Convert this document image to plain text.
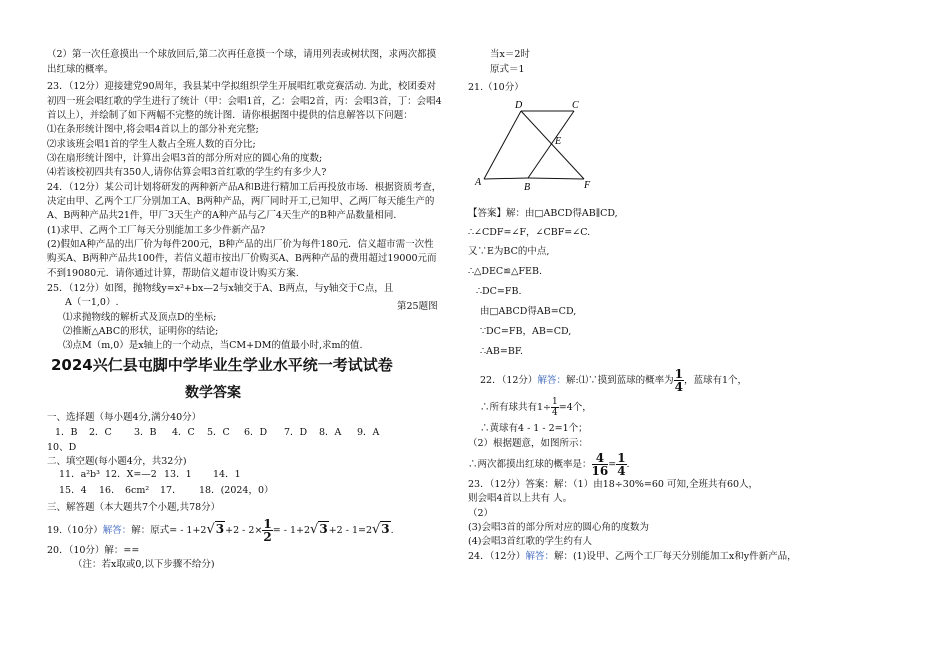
（2）第一次任意摸出一个球放回后,第二次再任意摸一个球，请用列表或树状图，求两次都摸
出红球的概率。
23．（12分）迎接建党90周年，我县某中学拟组织学生开展唱红歌竞赛活动. 为此，校团委对
初四一班会唱红歌的学生进行了统计（甲：会唱1首，乙：会唱2首，丙：会唱3首，丁：会唱4
首以上），并绘制了如下两幅不完整的统计图．请你根据图中提供的信息解答以下问题：
⑴在条形统计图中,将会唱4首以上的部分补充完整;
⑵求该班会唱1首的学生人数占全班人数的百分比;
⑶在扇形统计图中，计算出会唱3首的部分所对应的圆心角的度数;
⑷若该校初四共有350人,请你估算会唱3首红歌的学生约有多少人?
24．（12分）某公司计划将研发的两种新产品A和B进行精加工后再投放市场．根据资质考查，
决定由甲、乙两个工厂分别加工A、B两种产品，两厂同时开工,已知甲、乙两厂每天能生产的
A、B两种产品共21件，甲厂3天生产的A种产品与乙厂4天生产的B种产品数量相同．
(1)求甲、乙两个工厂每天分别能加工多少件新产品?
(2)假如A种产品的出厂价为每件200元，B种产品的出厂价为每件180元．信义超市需一次性
购买A、B两种产品共100件，若信义超市按出厂价购买A、B两种产品的费用超过19000元而
不到19080元．请你通过计算，帮助信义超市设计购买方案.
25．（12分）如图，抛物线y=x²+bx—2与x轴交于A、B两点，与y轴交于C点，且
A（一1,0）.	第25题图
⑴求抛物线的解析式及顶点D的坐标;
⑵推断△ABC的形状，证明你的结论;
⑶点M（m,0）是x轴上的一个动点，当CM+DM的值最小时,求m的值.
2024兴仁县屯脚中学毕业生学业水平统一考试试卷
数学答案
一、选择题（每小题4分,满分40分）
1．B 2．C 3．B 4．C 5．C 6．D 7．D 8．A 9．A
10、D
二、填空题(每小题4分，共32分)
11．a²b³ 12．X=—2 13．1 14．1
15．4 16． 6cm² 17． 18．(2024，0）
三、解答题（本大题共7个小题,共78分）
19.（10分）解答：解：原式= - $1+2√3+2 - 2\times \frac{1}{2}$ = - 1+2√3+2 - 1=2√3.
20．（10分）解：==
（注：若x取或0,以下步骤不给分)
当x＝2时
原式＝1
21.（10分）
A	B
D	C
E
F
【答案】解：由□ABCD得AB∥CD,
∴∠CDF=∠F，∠CBF=∠C.
又∵E为BC的中点,
∴△DEC≌△FEB.
∴DC=FB.
由□ABCD得AB=CD,
∵DC=FB，AB=CD,
∴AB=BF.
22．（12分）解答：解:⑴∵摸到蓝球的概率为 $\frac{1}{4}$ ，蓝球有1个，
∴所有球共有$1\div \frac{1}{4} =4$个，
∴黄球有4 - 1 - 2=1个；
（2）根据题意，如图所示：
∴两次都摸出红球的概率是： $\frac{4}{16} = \frac{1}{4}$ .
23．（12分）答案：解：（1）由18÷30%=60 可知,全班共有60人，
则会唱4首以上共有 人。
（2）
(3)会唱3首的部分所对应的圆心角的度数为
(4)会唱3首红歌的学生约有人
24．（12分）解答：解：(1)设甲、乙两个工厂每天分别能加工x和y件新产品，
